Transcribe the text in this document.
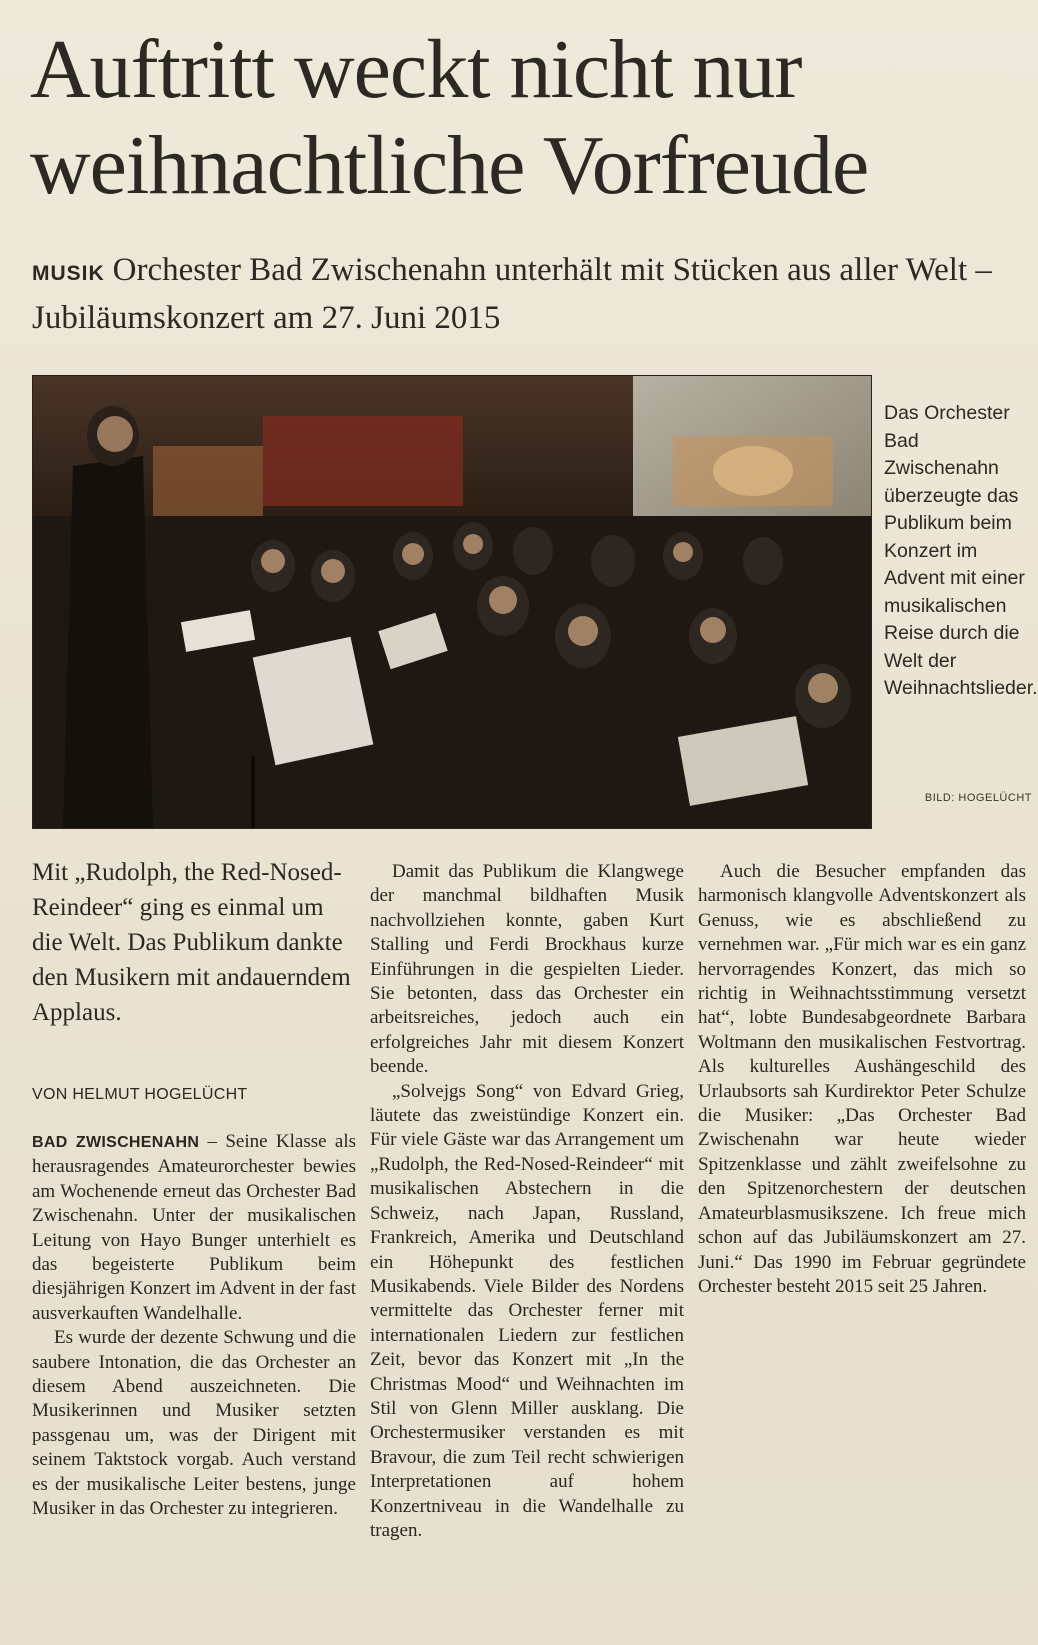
Auftritt weckt nicht nur weihnachtliche Vorfreude

MUSIK Orchester Bad Zwischenahn unterhält mit Stücken aus aller Welt – Jubiläumskonzert am 27. Juni 2015

Das Orchester Bad Zwischenahn überzeugte das Publikum beim Konzert im Advent mit einer musikalischen Reise durch die Welt der Weihnachtslieder.

BILD: HOGELÜCHT

Mit „Rudolph, the Red-Nosed-Reindeer“ ging es einmal um die Welt. Das Publikum dankte den Musikern mit andauerndem Applaus.

VON HELMUT HOGELÜCHT

BAD ZWISCHENAHN – Seine Klasse als herausragendes Amateurorchester bewies am Wochenende erneut das Orchester Bad Zwischenahn. Unter der musikalischen Leitung von Hayo Bunger unterhielt es das begeisterte Publikum beim diesjährigen Konzert im Advent in der fast ausverkauften Wandelhalle.

Es wurde der dezente Schwung und die saubere Intonation, die das Orchester an diesem Abend auszeichneten. Die Musikerinnen und Musiker setzten passgenau um, was der Dirigent mit seinem Taktstock vorgab. Auch verstand es der musikalische Leiter bestens, junge Musiker in das Orchester zu integrieren.

Damit das Publikum die Klangwege der manchmal bildhaften Musik nachvollziehen konnte, gaben Kurt Stalling und Ferdi Brockhaus kurze Einführungen in die gespielten Lieder. Sie betonten, dass das Orchester ein arbeitsreiches, jedoch auch ein erfolgreiches Jahr mit diesem Konzert beende.

„Solvejgs Song“ von Edvard Grieg, läutete das zweistündige Konzert ein. Für viele Gäste war das Arrangement um „Rudolph, the Red-Nosed-Reindeer“ mit musikalischen Abstechern in die Schweiz, nach Japan, Russland, Frankreich, Amerika und Deutschland ein Höhepunkt des festlichen Musikabends. Viele Bilder des Nordens vermittelte das Orchester ferner mit internationalen Liedern zur festlichen Zeit, bevor das Konzert mit „In the Christmas Mood“ und Weihnachten im Stil von Glenn Miller ausklang. Die Orchestermusiker verstanden es mit Bravour, die zum Teil recht schwierigen Interpretationen auf hohem Konzertniveau in die Wandelhalle zu tragen.

Auch die Besucher empfanden das harmonisch klangvolle Adventskonzert als Genuss, wie es abschließend zu vernehmen war. „Für mich war es ein ganz hervorragendes Konzert, das mich so richtig in Weihnachtsstimmung versetzt hat“, lobte Bundesabgeordnete Barbara Woltmann den musikalischen Festvortrag. Als kulturelles Aushängeschild des Urlaubsorts sah Kurdirektor Peter Schulze die Musiker: „Das Orchester Bad Zwischenahn war heute wieder Spitzenklasse und zählt zweifelsohne zu den Spitzenorchestern der deutschen Amateurblasmusikszene. Ich freue mich schon auf das Jubiläumskonzert am 27. Juni.“ Das 1990 im Februar gegründete Orchester besteht 2015 seit 25 Jahren.
